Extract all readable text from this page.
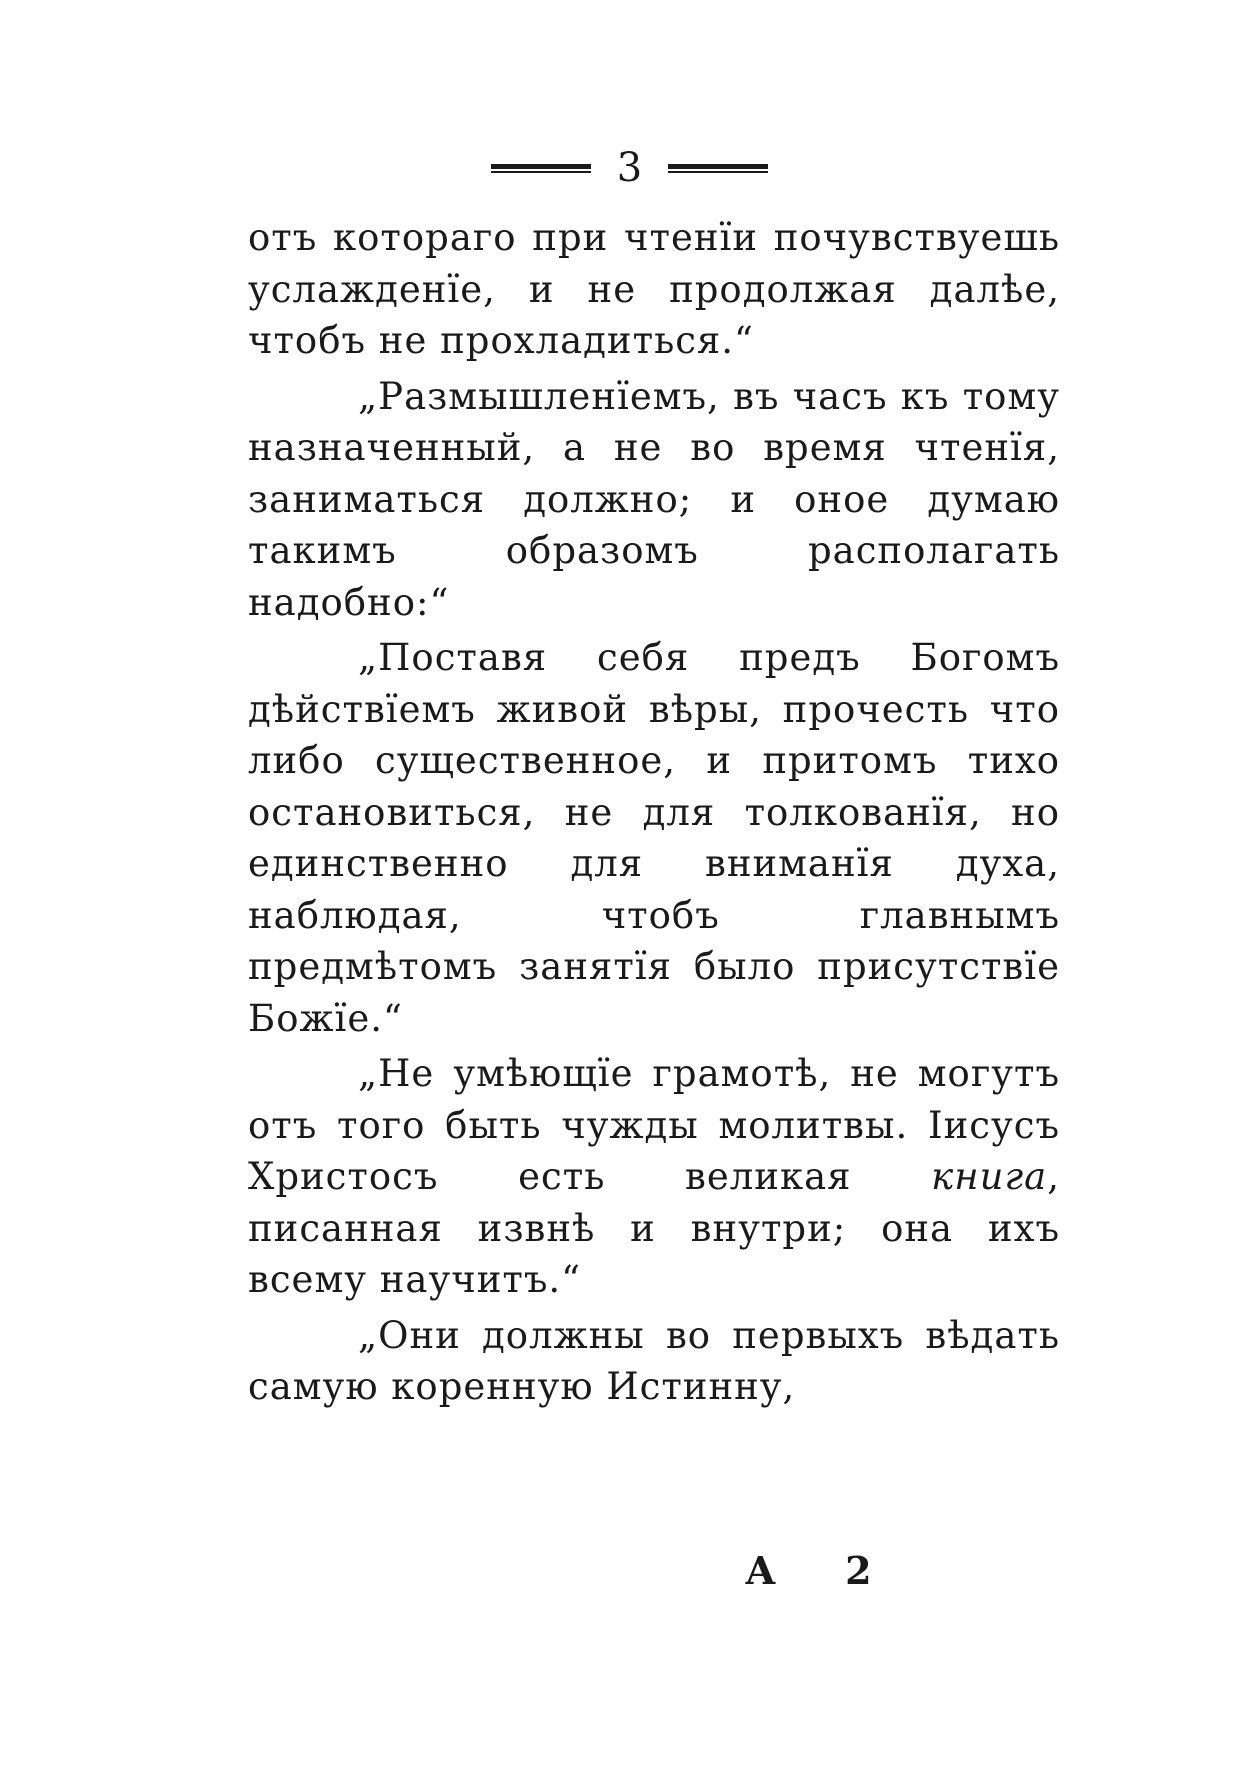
3

отъ котораго при чтенїи почувствуешь услажденїе, и не продолжая далѣе, чтобъ не прохладиться.“

„Размышленїемъ, въ часъ къ тому назначенный, а не во время чтенїя, заниматься должно; и оное думаю такимъ образомъ располагать надобно:“

„Поставя себя предъ Богомъ дѣйствїемъ живой вѣры, прочесть что либо существенное, и притомъ тихо остановиться, не для толкованїя, но единственно для вниманїя духа, наблюдая, чтобъ главнымъ предмѣтомъ занятїя было присутствїе Божїе.“

„Не умѣющїе грамотѣ, не могутъ отъ того быть чужды молитвы. Iисусъ Христосъ есть великая книга, писанная извнѣ и внутри; она ихъ всему научитъ.“

„Они должны во первыхъ вѣдать самую коренную Истинну,

А 2
